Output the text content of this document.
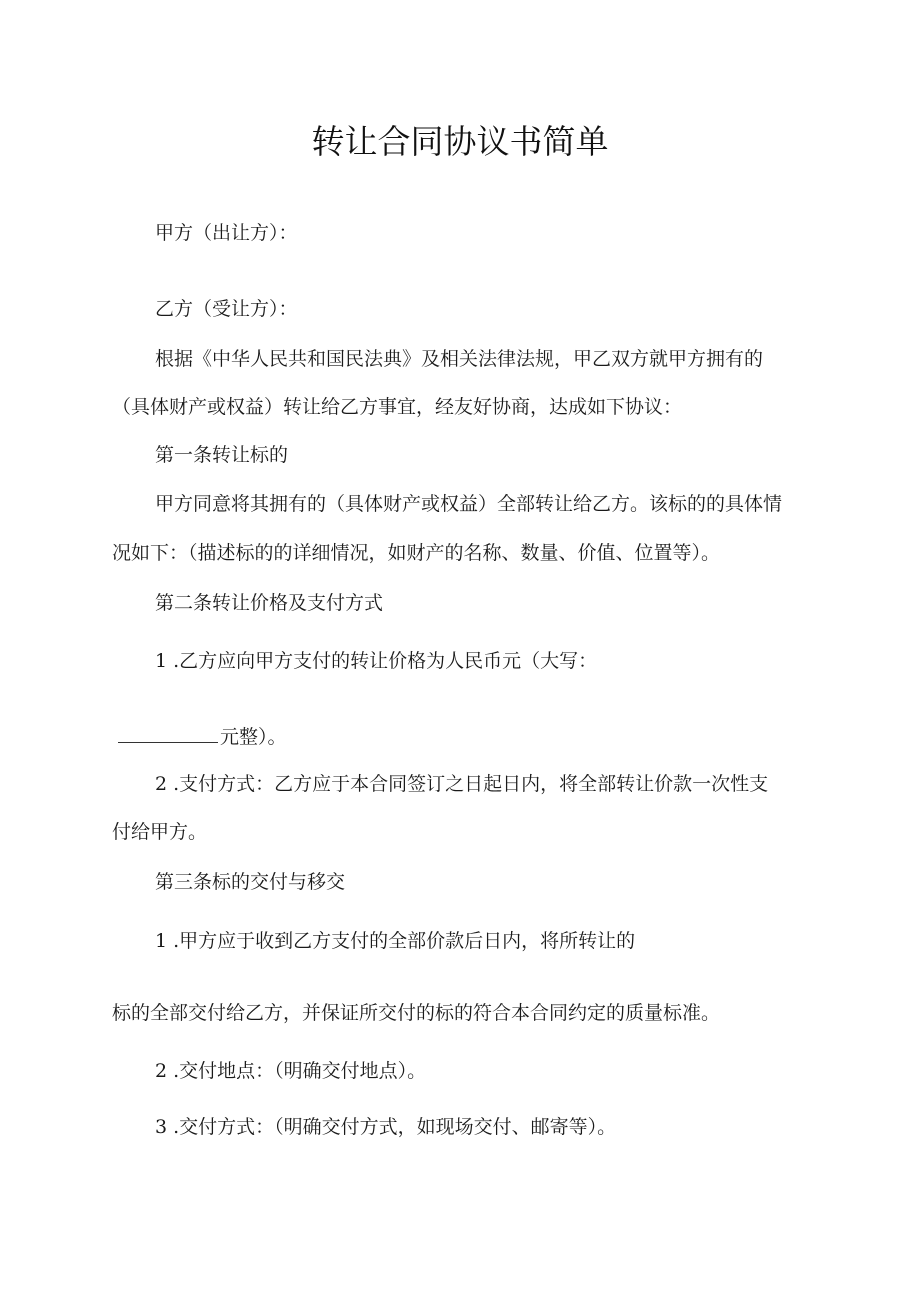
转让合同协议书简单
甲方（出让方）：
乙方（受让方）：
根据《中华人民共和国民法典》及相关法律法规，甲乙双方就甲方拥有的
（具体财产或权益）转让给乙方事宜，经友好协商，达成如下协议：
第一条转让标的
甲方同意将其拥有的（具体财产或权益）全部转让给乙方。该标的的具体情
况如下：（描述标的的详细情况，如财产的名称、数量、价值、位置等）。
第二条转让价格及支付方式
1 .乙方应向甲方支付的转让价格为人民币元（大写：
元整）。
2 .支付方式：乙方应于本合同签订之日起日内，将全部转让价款一次性支
付给甲方。
第三条标的交付与移交
1 .甲方应于收到乙方支付的全部价款后日内，将所转让的
标的全部交付给乙方，并保证所交付的标的符合本合同约定的质量标准。
2 .交付地点：（明确交付地点）。
3 .交付方式：（明确交付方式，如现场交付、邮寄等）。
